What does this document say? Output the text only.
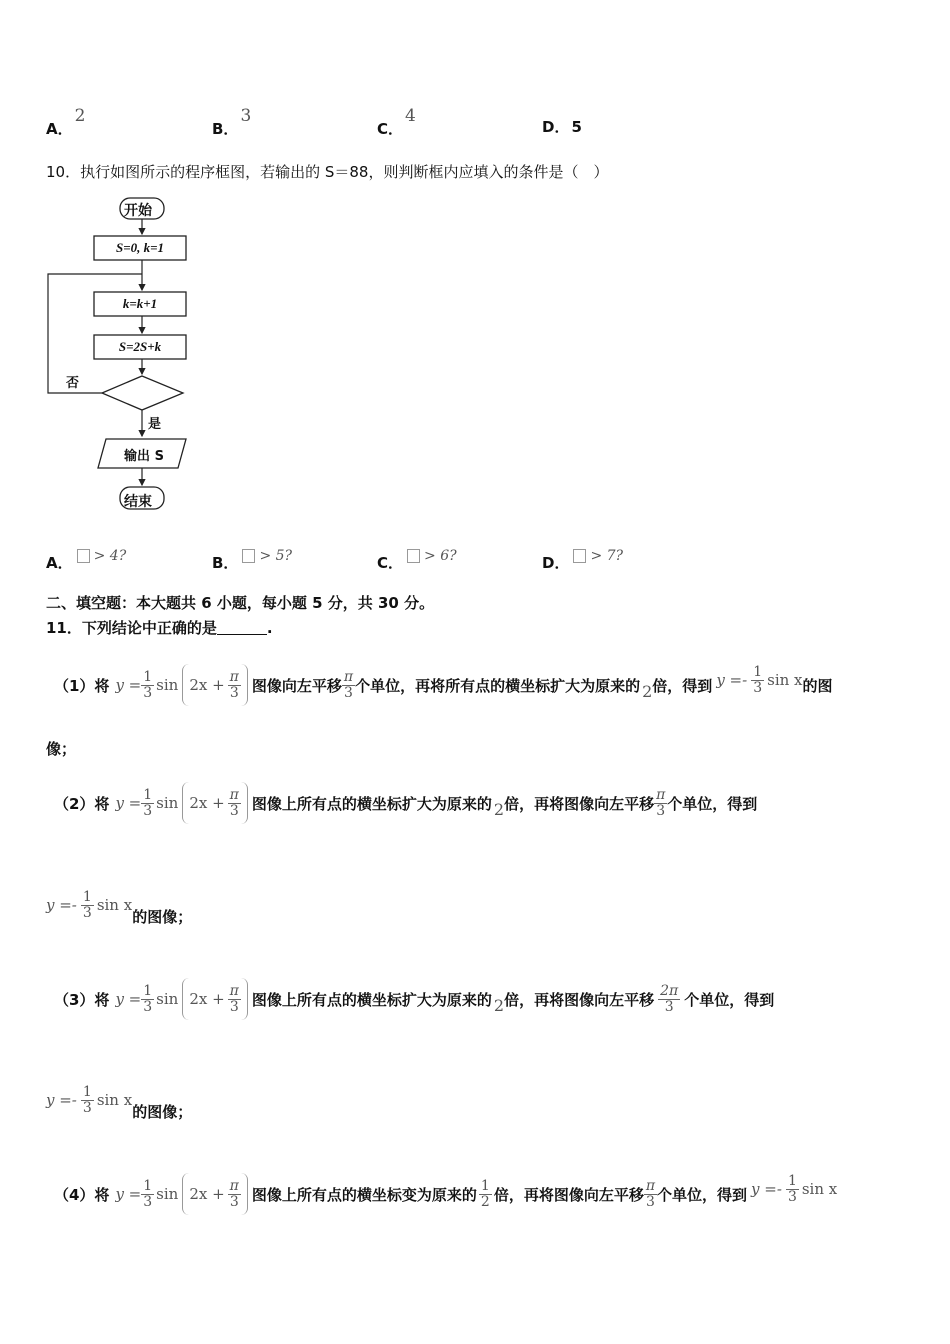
A．
2
B．
3
C．
4
D． 5
10．执行如图所示的程序框图，若输出的 S＝88，则判断框内应填入的条件是（　）
开始
S=0, k=1
k=k+1
S=2S+k
否
是
输出 S
结束
A．	> 4?	B．	> 5?	C．	> 6?	D．	> 7?
二、填空题：本大题共 6 小题，每小题 5 分，共 30 分。
11．下列结论中正确的是	.
（1）将 $y = \frac{1}{3}$ $\sin 2x + \frac{\pi}{3}$ 图像向左平移 $\frac{\pi}{3}$ 个单位，再将所有点的横坐标扩大为原来的 2 倍，得到 $y =- \frac{1}{3}$ sin x 的图
像；
（2）将 $y = \frac{1}{3}$ $\sin 2x + \frac{\pi}{3}$ 图像上所有点的横坐标扩大为原来的 2 倍，再将图像向左平移 $\frac{\pi}{3}$ 个单位，得到
$y =- \frac{1}{3}$ sin x
的图像；
（3）将 $y = \frac{1}{3}$ $\sin 2x + \frac{\pi}{3}$ 图像上所有点的横坐标扩大为原来的 2 倍，再将图像向左平移 $\frac{2\pi}{3}$ 个单位，得到
$y =- \frac{1}{3}$ sin x
的图像；
（4）将 $y = \frac{1}{3}$ $\sin 2x + \frac{\pi}{3}$ 图像上所有点的横坐标变为原来的 $\frac{1}{2}$ 倍，再将图像向左平移 $\frac{\pi}{3}$ 个单位，得到 $y =- \frac{1}{3}$ sin x
